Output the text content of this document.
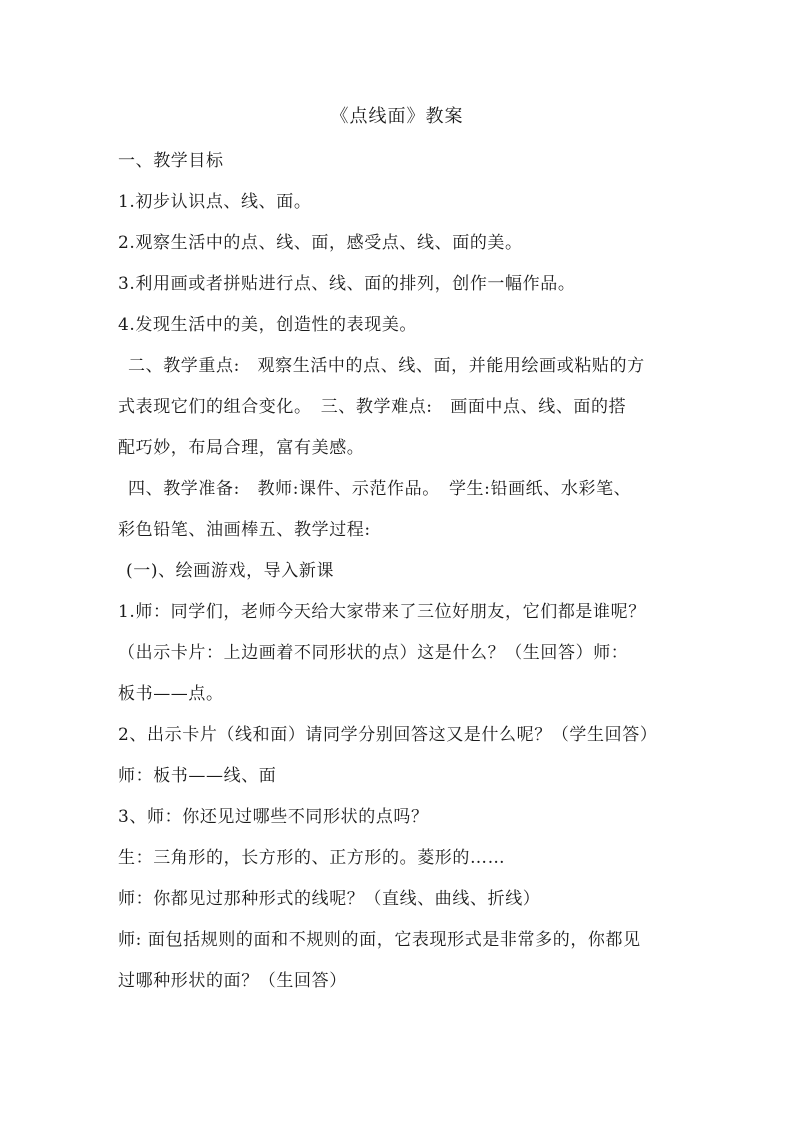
《点线面》教案

一、教学目标

1.初步认识点、线、面。

2.观察生活中的点、线、面，感受点、线、面的美。

3.利用画或者拼贴进行点、线、面的排列，创作一幅作品。

4.发现生活中的美，创造性的表现美。

二、教学重点:　观察生活中的点、线、面，并能用绘画或粘贴的方

式表现它们的组合变化。　三、教学难点:　画面中点、线、面的搭

配巧妙，布局合理，富有美感。

四、教学准备:　教师:课件、示范作品。　学生:铅画纸、水彩笔、

彩色铅笔、油画棒五、教学过程:

(一)、绘画游戏，导入新课

1.师：同学们，老师今天给大家带来了三位好朋友，它们都是谁呢？

（出示卡片：上边画着不同形状的点）这是什么？（生回答）师：

板书——点。

2、出示卡片（线和面）请同学分别回答这又是什么呢？（学生回答）

师：板书——线、面

3、师：你还见过哪些不同形状的点吗？

生：三角形的，长方形的、正方形的。菱形的……

师：你都见过那种形式的线呢？（直线、曲线、折线）

师: 面包括规则的面和不规则的面，它表现形式是非常多的，你都见

过哪种形状的面？（生回答）
